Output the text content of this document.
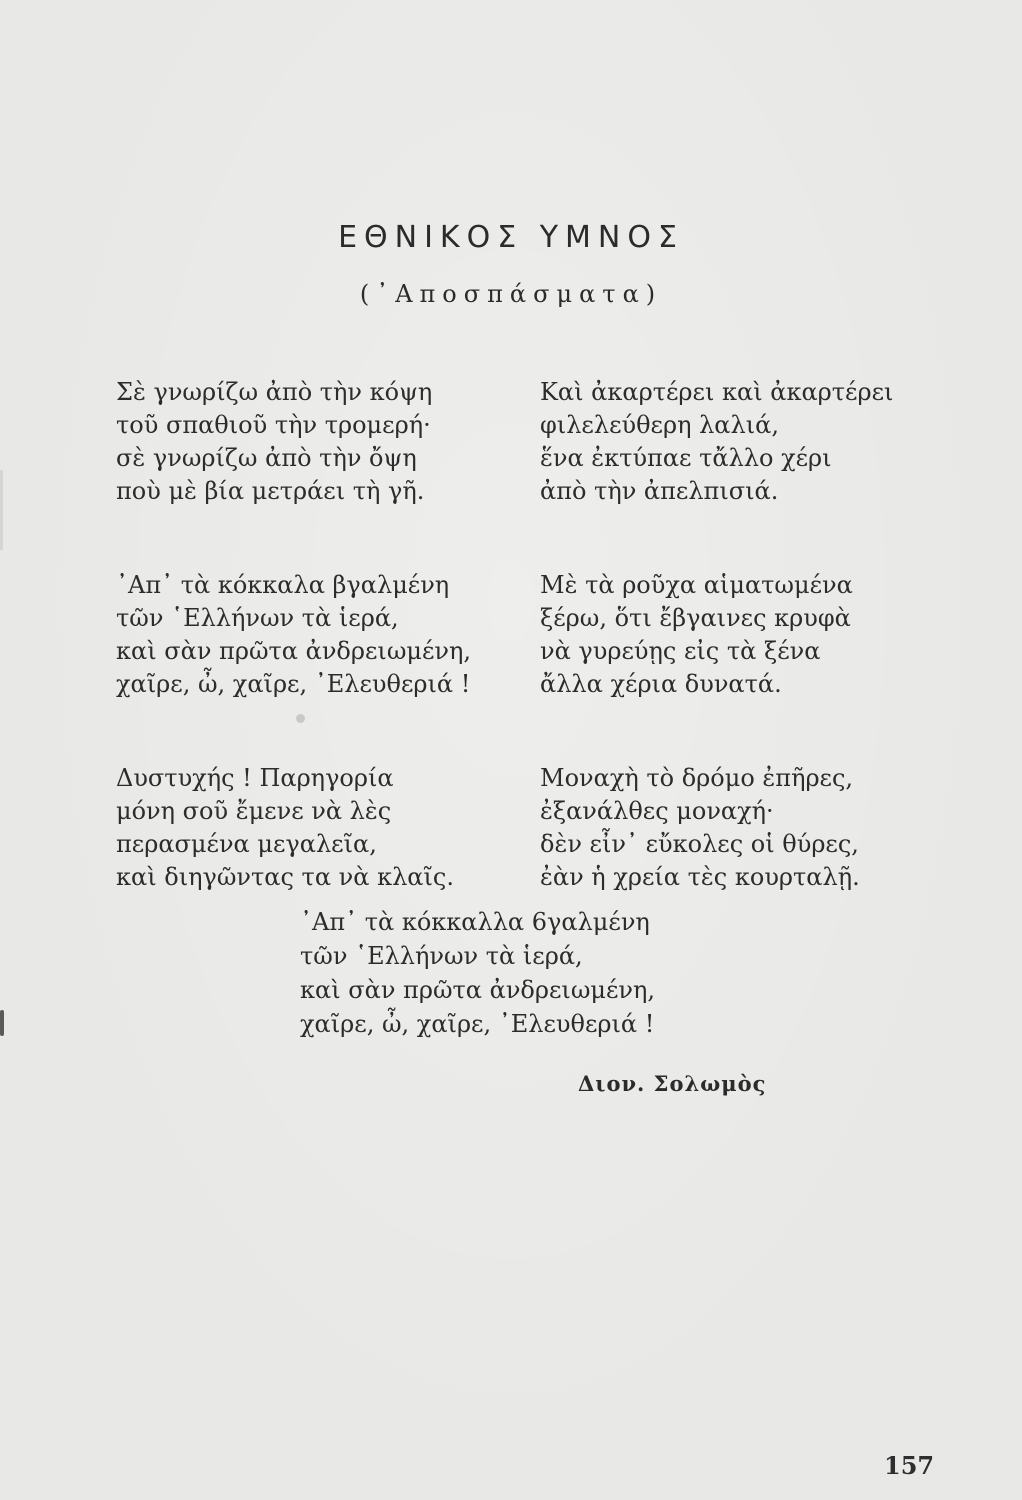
ΕΘΝΙΚΟΣ ΥΜΝΟΣ

(᾿Αποσπάσματα)

Σὲ γνωρίζω ἀπὸ τὴν κόψη
τοῦ σπαθιοῦ τὴν τρομερή·
σὲ γνωρίζω ἀπὸ τὴν ὄψη
ποὺ μὲ βία μετράει τὴ γῆ.
᾿Απ᾿ τὰ κόκκαλα βγαλμένη
τῶν ῾Ελλήνων τὰ ἱερά,
καὶ σὰν πρῶτα ἀνδρειωμένη,
χαῖρε, ὦ, χαῖρε, ᾿Ελευθεριά !
Δυστυχής ! Παρηγορία
μόνη σοῦ ἔμενε νὰ λὲς
περασμένα μεγαλεῖα,
καὶ διηγῶντας τα νὰ κλαῖς.
Καὶ ἀκαρτέρει καὶ ἀκαρτέρει
φιλελεύθερη λαλιά,
ἕνα ἐκτύπαε τἄλλο χέρι
ἀπὸ τὴν ἀπελπισιά.
Μὲ τὰ ροῦχα αἱματωμένα
ξέρω, ὅτι ἔβγαινες κρυφὰ
νὰ γυρεύῃς εἰς τὰ ξένα
ἄλλα χέρια δυνατά.
Μοναχὴ τὸ δρόμο ἐπῆρες,
ἐξανάλθες μοναχή·
δὲν εἶν᾿ εὔκολες οἱ θύρες,
ἐὰν ἡ χρεία τὲς κουρταλῇ.
᾿Απ᾿ τὰ κόκκαλλα 6γαλμένη
τῶν ῾Ελλήνων τὰ ἱερά,
καὶ σὰν πρῶτα ἀνδρειωμένη,
χαῖρε, ὦ, χαῖρε, ᾿Ελευθεριά !

Διον. Σολωμὸς

157
